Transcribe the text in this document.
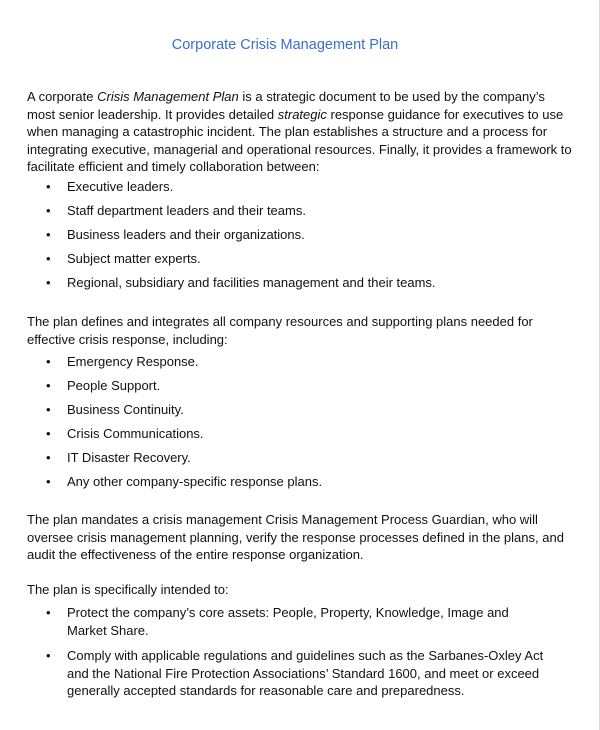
Corporate Crisis Management Plan

A corporate Crisis Management Plan is a strategic document to be used by the company’s most senior leadership. It provides detailed strategic response guidance for executives to use when managing a catastrophic incident. The plan establishes a structure and a process for integrating executive, managerial and operational resources. Finally, it provides a framework to facilitate efficient and timely collaboration between:

• Executive leaders.
• Staff department leaders and their teams.
• Business leaders and their organizations.
• Subject matter experts.
• Regional, subsidiary and facilities management and their teams.

The plan defines and integrates all company resources and supporting plans needed for effective crisis response, including:

• Emergency Response.
• People Support.
• Business Continuity.
• Crisis Communications.
• IT Disaster Recovery.
• Any other company-specific response plans.

The plan mandates a crisis management Crisis Management Process Guardian, who will oversee crisis management planning, verify the response processes defined in the plans, and audit the effectiveness of the entire response organization.

The plan is specifically intended to:

• Protect the company’s core assets: People, Property, Knowledge, Image and Market Share.
• Comply with applicable regulations and guidelines such as the Sarbanes-Oxley Act and the National Fire Protection Associations’ Standard 1600, and meet or exceed generally accepted standards for reasonable care and preparedness.
